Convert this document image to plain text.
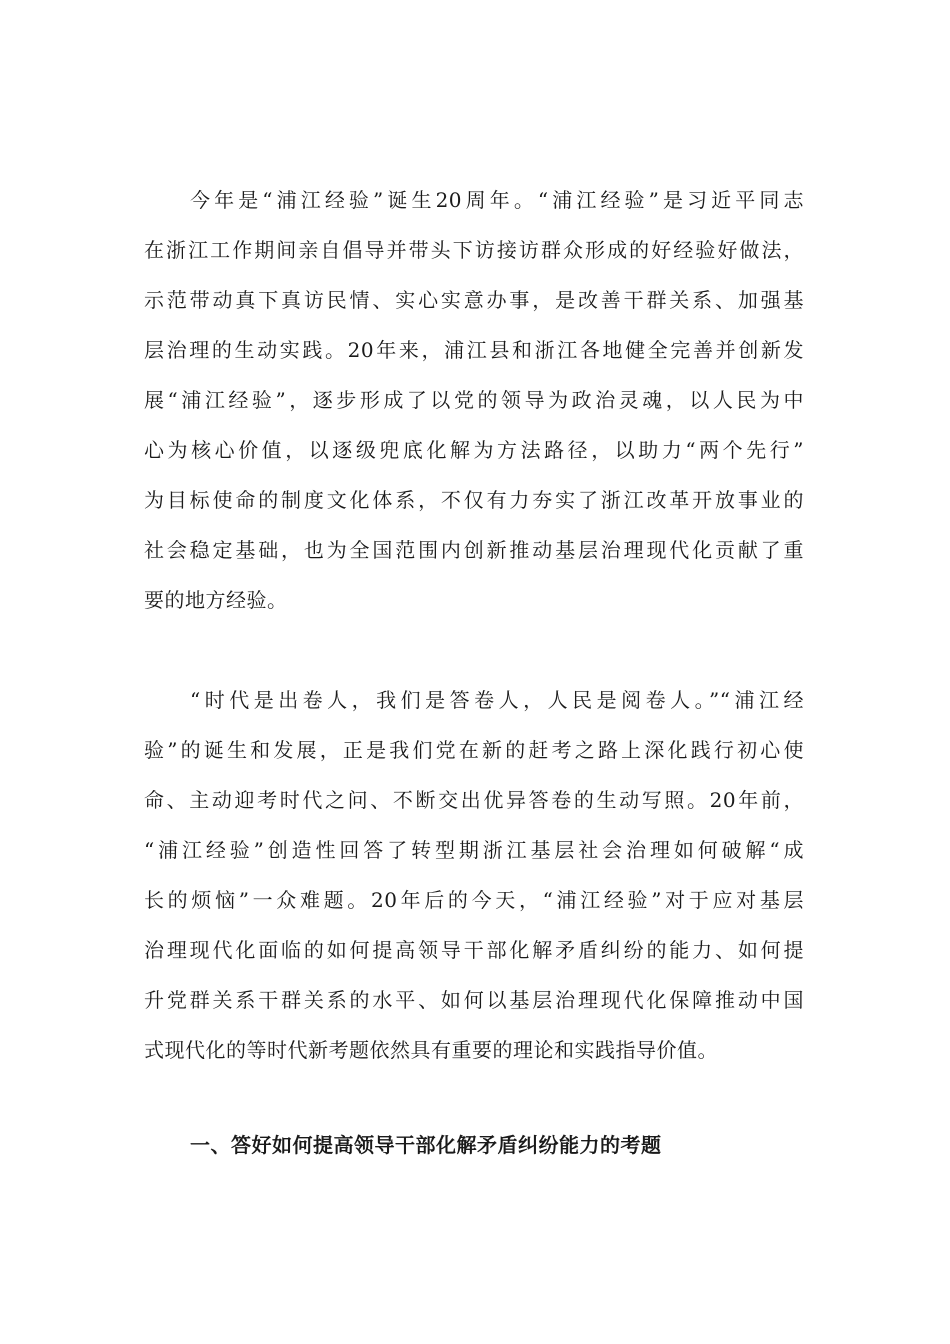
今年是“浦江经验”诞生20周年。“浦江经验”是习近平同志
在浙江工作期间亲自倡导并带头下访接访群众形成的好经验好做法，
示范带动真下真访民情、实心实意办事，是改善干群关系、加强基
层治理的生动实践。20年来，浦江县和浙江各地健全完善并创新发
展“浦江经验”，逐步形成了以党的领导为政治灵魂，以人民为中
心为核心价值，以逐级兜底化解为方法路径，以助力“两个先行”
为目标使命的制度文化体系，不仅有力夯实了浙江改革开放事业的
社会稳定基础，也为全国范围内创新推动基层治理现代化贡献了重
要的地方经验。
“时代是出卷人，我们是答卷人，人民是阅卷人。”“浦江经
验”的诞生和发展，正是我们党在新的赶考之路上深化践行初心使
命、主动迎考时代之问、不断交出优异答卷的生动写照。20年前，
“浦江经验”创造性回答了转型期浙江基层社会治理如何破解“成
长的烦恼”一众难题。20年后的今天，“浦江经验”对于应对基层
治理现代化面临的如何提高领导干部化解矛盾纠纷的能力、如何提
升党群关系干群关系的水平、如何以基层治理现代化保障推动中国
式现代化的等时代新考题依然具有重要的理论和实践指导价值。
一、答好如何提高领导干部化解矛盾纠纷能力的考题
